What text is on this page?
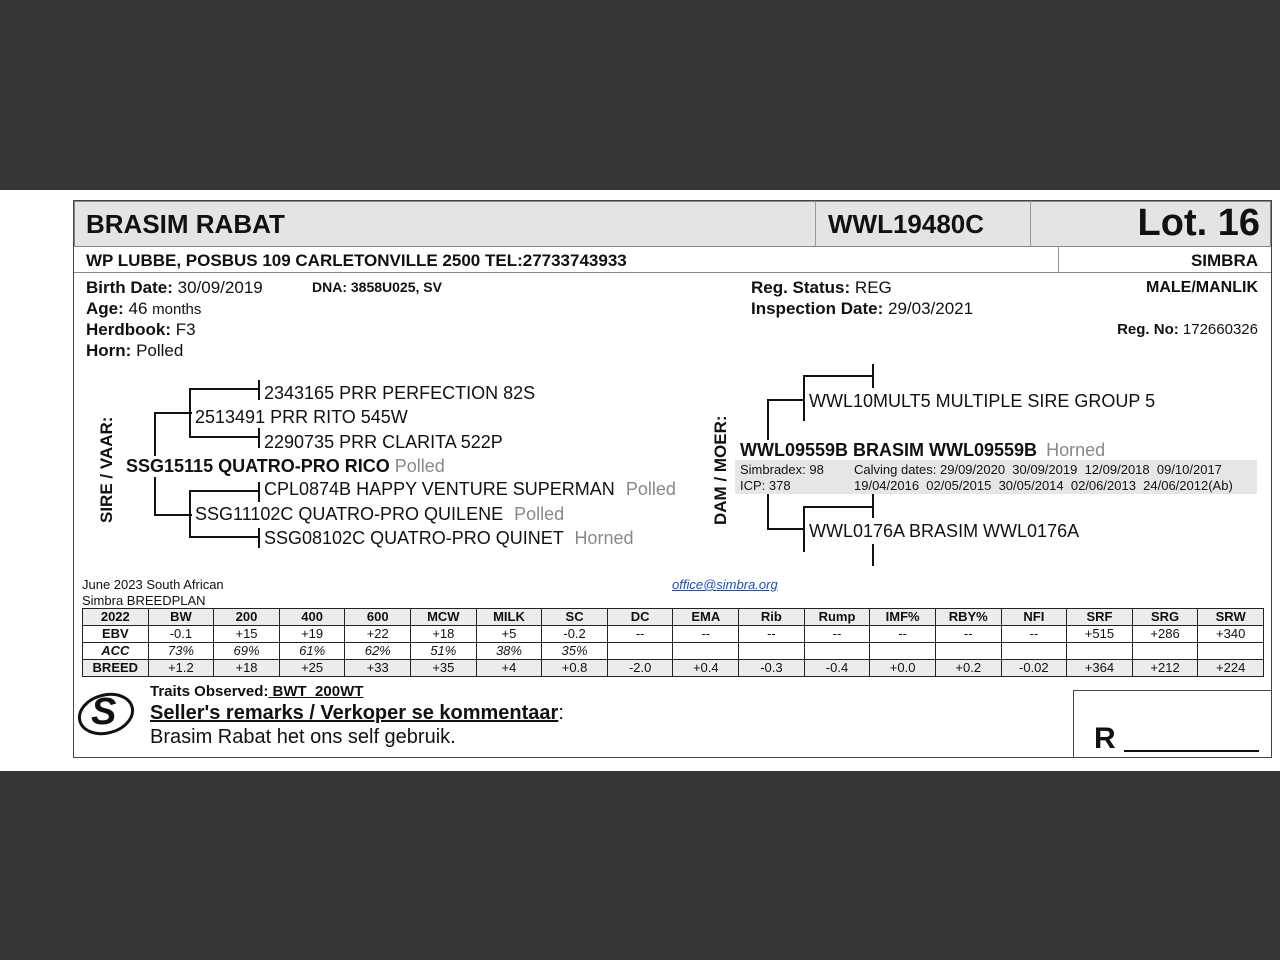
BRASIM RABAT	WWL19480C	Lot. 16
WP LUBBE, POSBUS 109 CARLETONVILLE 2500 TEL:27733743933	SIMBRA
Birth Date: 30/09/2019	DNA: 3858U025, SV
Age: 46 months
Herdbook: F3
Horn: Polled
Reg. Status: REG
Inspection Date: 29/03/2021
MALE/MANLIK
Reg. No: 172660326
SIRE / VAAR:
2343165 PRR PERFECTION 82S
2513491 PRR RITO 545W
2290735 PRR CLARITA 522P
SSG15115 QUATRO-PRO RICO Polled
CPL0874B HAPPY VENTURE SUPERMAN Polled
SSG11102C QUATRO-PRO QUILENE Polled
SSG08102C QUATRO-PRO QUINET Horned
DAM / MOER:
WWL10MULT5 MULTIPLE SIRE GROUP 5
WWL09559B BRASIM WWL09559B Horned
Simbradex: 98
ICP: 378
Calving dates: 29/09/2020  30/09/2019  12/09/2018  09/10/2017
19/04/2016  02/05/2015  30/05/2014  02/06/2013  24/06/2012(Ab)
WWL0176A BRASIM WWL0176A
June 2023 South African
Simbra BREEDPLAN
office@simbra.org
R
S Traits Observed: BWT  200WT
Seller's remarks / Verkoper se kommentaar:
Brasim Rabat het ons self gebruik.
2022	BW	200	400	600	MCW	MILK	SC	DC	EMA	Rib	Rump	IMF%	RBY%	NFI	SRF	SRG	SRW
EBV	-0.1	+15	+19	+22	+18	+5	-0.2	--	--	--	--	--	--	--	+515	+286	+340
ACC	73%	69%	61%	62%	51%	38%	35%										
BREED	+1.2	+18	+25	+33	+35	+4	+0.8	-2.0	+0.4	-0.3	-0.4	+0.0	+0.2	-0.02	+364	+212	+224
